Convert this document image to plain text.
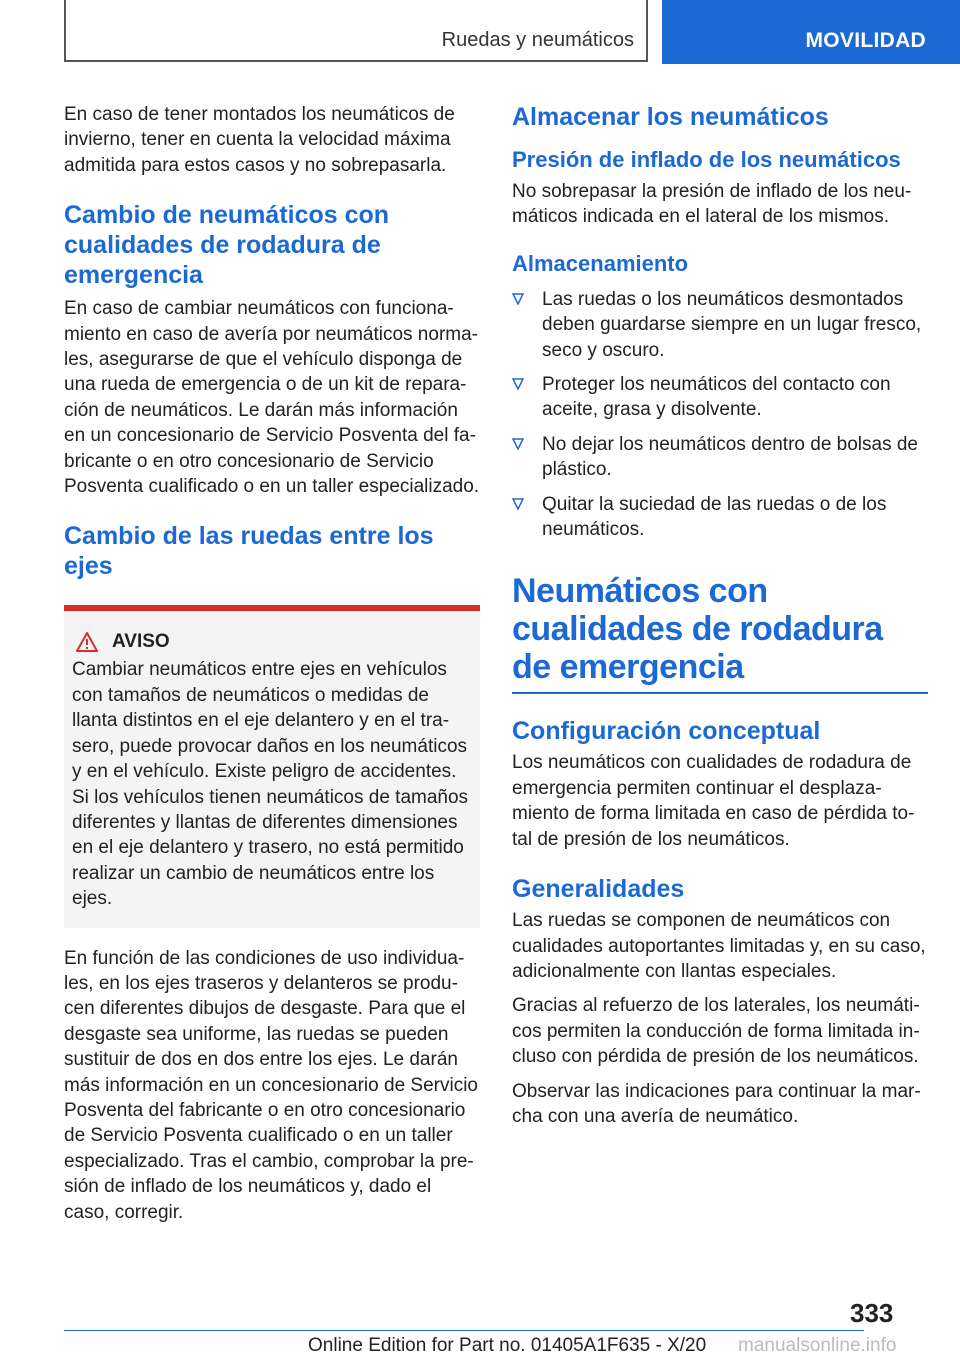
Ruedas y neumáticos	MOVILIDAD

En caso de tener montados los neumáticos de invierno, tener en cuenta la velocidad máxima admitida para estos casos y no sobrepasarla.

Cambio de neumáticos con cualidades de rodadura de emergencia

En caso de cambiar neumáticos con funcionamiento en caso de avería por neumáticos normales, asegurarse de que el vehículo disponga de una rueda de emergencia o de un kit de reparación de neumáticos. Le darán más información en un concesionario de Servicio Posventa del fabricante o en otro concesionario de Servicio Posventa cualificado o en un taller especializado.

Cambio de las ruedas entre los ejes
AVISO

Cambiar neumáticos entre ejes en vehículos con tamaños de neumáticos o medidas de llanta distintos en el eje delantero y en el trasero, puede provocar daños en los neumáticos y en el vehículo. Existe peligro de accidentes. Si los vehículos tienen neumáticos de tamaños diferentes y llantas de diferentes dimensiones en el eje delantero y trasero, no está permitido realizar un cambio de neumáticos entre los ejes.

En función de las condiciones de uso individuales, en los ejes traseros y delanteros se producen diferentes dibujos de desgaste. Para que el desgaste sea uniforme, las ruedas se pueden sustituir de dos en dos entre los ejes. Le darán más información en un concesionario de Servicio Posventa del fabricante o en otro concesionario de Servicio Posventa cualificado o en un taller especializado. Tras el cambio, comprobar la presión de inflado de los neumáticos y, dado el caso, corregir.

Almacenar los neumáticos
Presión de inflado de los neumáticos

No sobrepasar la presión de inflado de los neumáticos indicada en el lateral de los mismos.

Almacenamiento
Las ruedas o los neumáticos desmontados deben guardarse siempre en un lugar fresco, seco y oscuro.
Proteger los neumáticos del contacto con aceite, grasa y disolvente.
No dejar los neumáticos dentro de bolsas de plástico.
Quitar la suciedad de las ruedas o de los neumáticos.
Neumáticos con cualidades de rodadura de emergencia
Configuración conceptual

Los neumáticos con cualidades de rodadura de emergencia permiten continuar el desplazamiento de forma limitada en caso de pérdida total de presión de los neumáticos.

Generalidades

Las ruedas se componen de neumáticos con cualidades autoportantes limitadas y, en su caso, adicionalmente con llantas especiales.

Gracias al refuerzo de los laterales, los neumáticos permiten la conducción de forma limitada incluso con pérdida de presión de los neumáticos.

Observar las indicaciones para continuar la marcha con una avería de neumático.

333
Online Edition for Part no. 01405A1F635 - X/20 manualsonline.info
